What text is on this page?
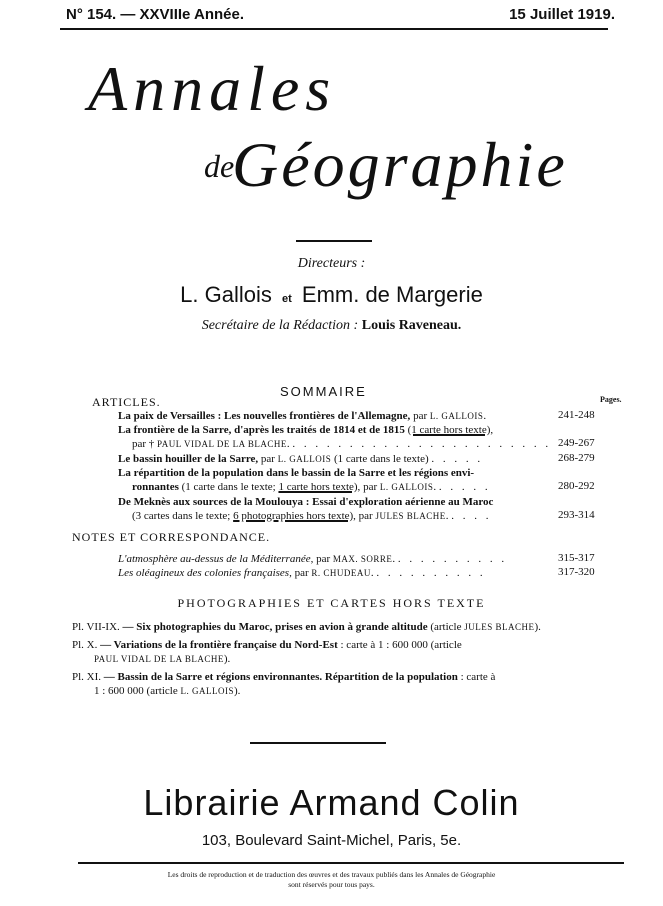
N° 154. — XXVIIIe Année.	15 Juillet 1919.
Annales
de
Géographie
Directeurs :
L. Gallois et Emm. de Margerie
Secrétaire de la Rédaction : Louis Raveneau.
SOMMAIRE
ARTICLES.	Pages.
La paix de Versailles : Les nouvelles frontières de l'Allemagne, par L. GALLOIS.	241-248
La frontière de la Sarre, d'après les traités de 1814 et de 1815 (1 carte hors texte),
par † PAUL VIDAL DE LA BLACHE. . . . . . . . . . . . . . . . . . . . . . . . 249-267
Le bassin houiller de la Sarre, par L. GALLOIS (1 carte dans le texte) . . . . .	268-279
La répartition de la population dans le bassin de la Sarre et les régions envi-
ronnantes (1 carte dans le texte; 1 carte hors texte), par L. GALLOIS. . . . . .	280-292
De Meknès aux sources de la Moulouya : Essai d'exploration aérienne au Maroc
(3 cartes dans le texte; 6 photographies hors texte), par JULES BLACHE. . . . .	293-314
NOTES ET CORRESPONDANCE.
L'atmosphère au-dessus de la Méditerranée, par MAX. SORRE. . . . . . . . . . .	315-317
Les oléagineux des colonies françaises, par R. CHUDEAU. . . . . . . . . . .	317-320
PHOTOGRAPHIES ET CARTES HORS TEXTE
Pl. VII-IX. — Six photographies du Maroc, prises en avion à grande altitude (article JULES BLACHE).
Pl. X. — Variations de la frontière française du Nord-Est : carte à 1 : 600 000 (article
PAUL VIDAL DE LA BLACHE).
Pl. XI. — Bassin de la Sarre et régions environnantes. Répartition de la population : carte à
1 : 600 000 (article L. GALLOIS).
Librairie Armand Colin
103, Boulevard Saint-Michel, Paris, 5e.
Les droits de reproduction et de traduction des œuvres et des travaux publiés dans les Annales de Géographie
sont réservés pour tous pays.
